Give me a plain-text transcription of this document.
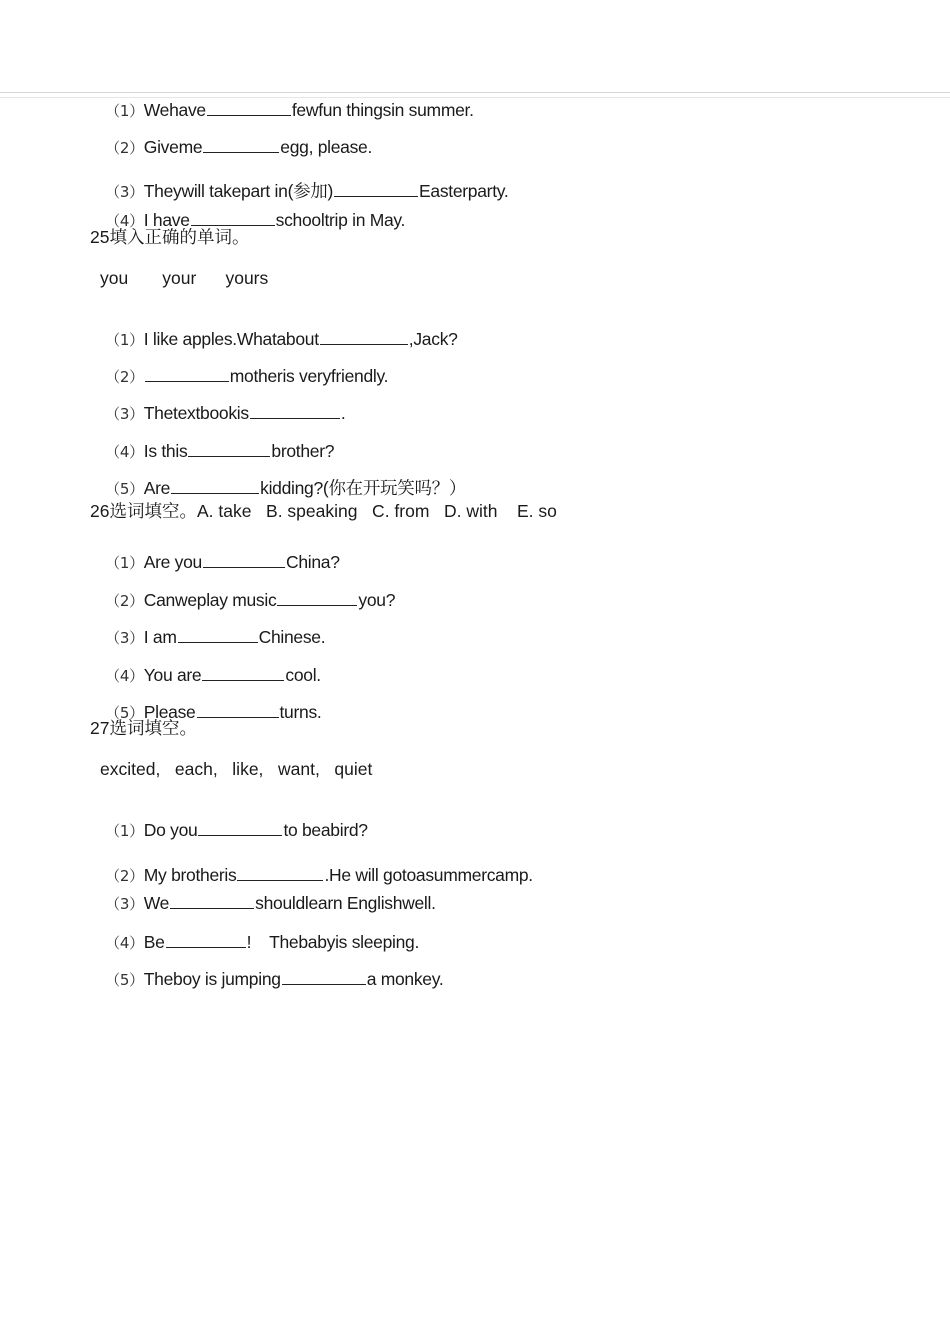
（1）Wehave	fewfun thingsin summer.

（2）Giveme	egg, please.

（3）Theywill takepart in(参加)	Easterparty.

（4）I have	schooltrip in May.

25填入正确的单词。
you       your      yours

（1）I like apples.Whatabout	,Jack?

（2）	motheris veryfriendly.

（3）Thetextbookis	.

（4）Is this	brother?

（5）Are	kidding?(你在开玩笑吗？）

26选词填空。A. take   B. speaking   C. from   D. with    E. so

（1）Are you	China?

（2）Canweplay music	you?

（3）I am	Chinese.

（4）You are	cool.

（5）Please	turns.

27选词填空。
excited,   each,   like,   want,   quiet

（1）Do you	to beabird?

（2）My brotheris	.He will gotoasummercamp.

（3）We	shouldlearn Englishwell.

（4）Be	!    Thebabyis sleeping.

（5）Theboy is jumping	a monkey.
